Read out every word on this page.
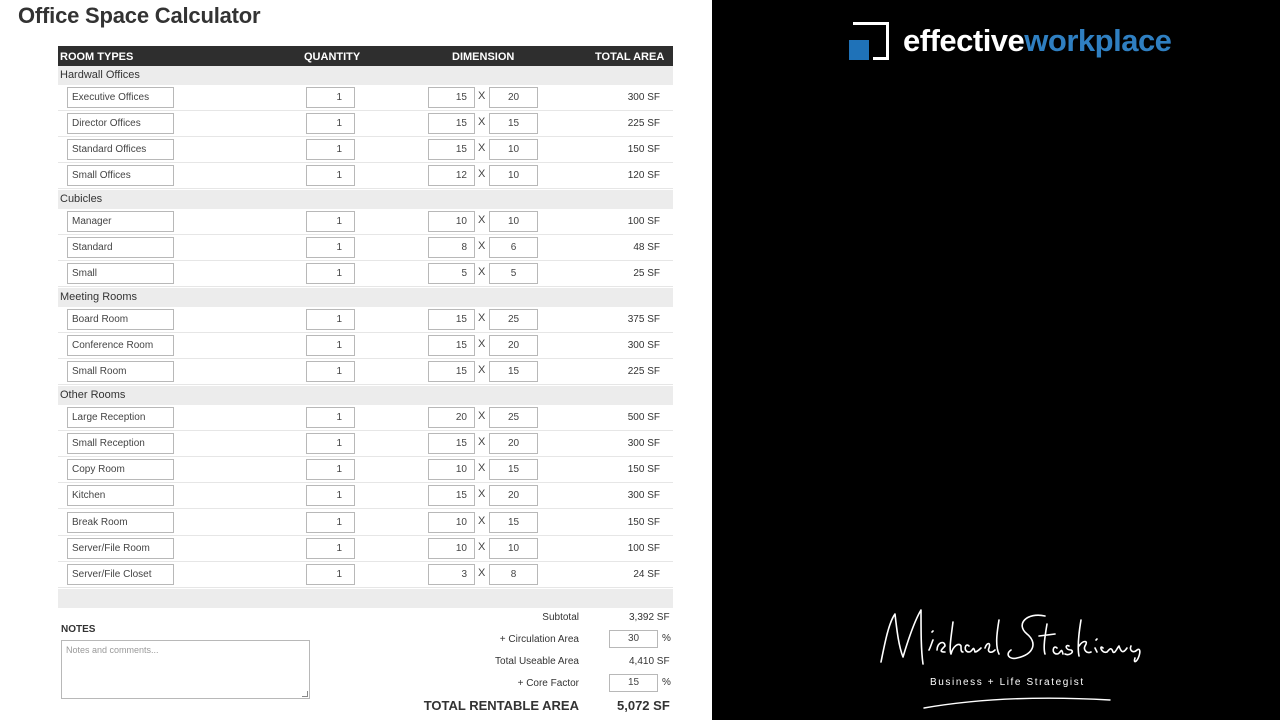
Office Space Calculator
ROOM TYPES	QUANTITY	DIMENSION	TOTAL AREA
Hardwall Offices
Executive Offices	1	15	X	20	300 SF
Director Offices	1	15	X	15	225 SF
Standard Offices	1	15	X	10	150 SF
Small Offices	1	12	X	10	120 SF
Cubicles
Manager	1	10	X	10	100 SF
Standard	1	8	X	6	48 SF
Small	1	5	X	5	25 SF
Meeting Rooms
Board Room	1	15	X	25	375 SF
Conference Room	1	15	X	20	300 SF
Small Room	1	15	X	15	225 SF
Other Rooms
Large Reception	1	20	X	25	500 SF
Small Reception	1	15	X	20	300 SF
Copy Room	1	10	X	15	150 SF
Kitchen	1	15	X	20	300 SF
Break Room	1	10	X	15	150 SF
Server/File Room	1	10	X	10	100 SF
Server/File Closet	1	3	X	8	24 SF
NOTES
Notes and comments...
Subtotal	3,392 SF
+ Circulation Area	30	%
Total Useable Area	4,410 SF
+ Core Factor	15	%
TOTAL RENTABLE AREA	5,072 SF
effectiveworkplace
Business + Life Strategist
